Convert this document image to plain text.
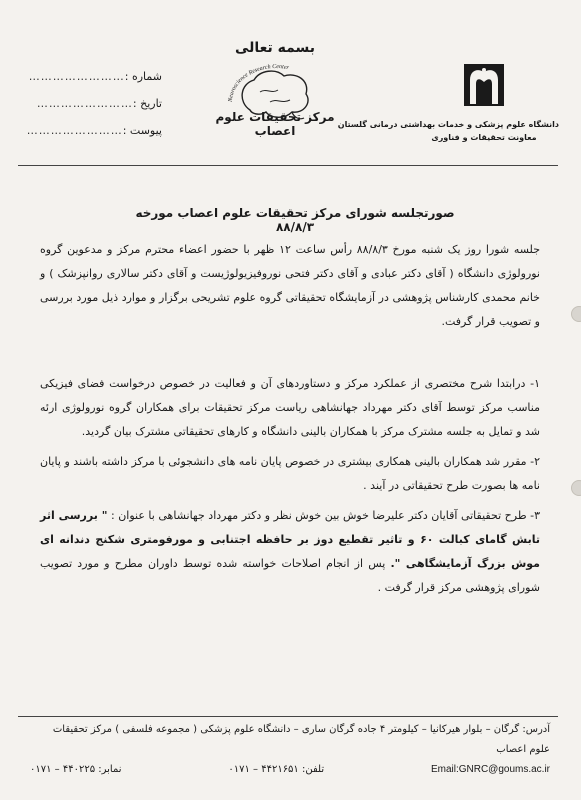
شماره :
……………………
تاریخ :
……………………
پیوست :
……………………
بسمه تعالی
مرکز تحقیقات علوم اعصاب
Neuroscience Research Center
دانشگاه علوم پزشکی و خدمات بهداشتی درمانی گلستان
معاونت تحقیقات و فناوری
صورتجلسه شورای مرکز تحقیقات علوم اعصاب مورخه ۸۸/۸/۳
جلسه شورا روز یک شنبه مورخ ۸۸/۸/۳ رأس ساعت ۱۲ ظهر با حضور اعضاء محترم مرکز و مدعوین گروه نورولوژی دانشگاه ( آقای دکتر عبادی و آقای دکتر فتحی نوروفیزیولوژیست و آقای دکتر سالاری روانپزشک ) و خانم محمدی کارشناس پژوهشی در آزمایشگاه تحقیقاتی گروه علوم تشریحی برگزار و موارد ذیل مورد بررسی و تصویب قرار گرفت.
۱- درابتدا شرح مختصری از عملکرد مرکز و دستاوردهای آن و فعالیت در خصوص درخواست فضای فیزیکی مناسب مرکز توسط آقای دکتر مهرداد جهانشاهی ریاست مرکز تحقیقات برای همکاران گروه نورولوژی ارئه شد و تمایل به جلسه مشترک مرکز با همکاران بالینی دانشگاه و کارهای تحقیقاتی مشترک بیان گردید.
۲- مقرر شد همکاران بالینی همکاری بیشتری در خصوص پایان نامه های دانشجوئی با مرکز داشته باشند و پایان نامه ها بصورت طرح تحقیقاتی در آیند .
۳- طرح تحقیقاتی آقایان دکتر علیرضا خوش بین خوش نظر و دکتر مهرداد جهانشاهی با عنوان : " بررسی اثر تابش گامای کبالت ۶۰ و تاثیر تقطیع دوز بر حافظه اجتنابی و مورفومتری شکنج دندانه ای موش بزرگ آزمایشگاهی ". پس از انجام اصلاحات خواسته شده توسط داوران مطرح و مورد تصویب شورای پژوهشی مرکز قرار گرفت .
آدرس: گرگان – بلوار هیرکانیا – کیلومتر ۴ جاده گرگان ساری – دانشگاه علوم پزشکی ( مجموعه فلسفی ) مرکز تحقیقات علوم اعصاب
Email:GNRC@goums.ac.ir
تلفن: ۴۴۲۱۶۵۱ – ۰۱۷۱
نمابر: ۴۴۰۲۲۵ – ۰۱۷۱
